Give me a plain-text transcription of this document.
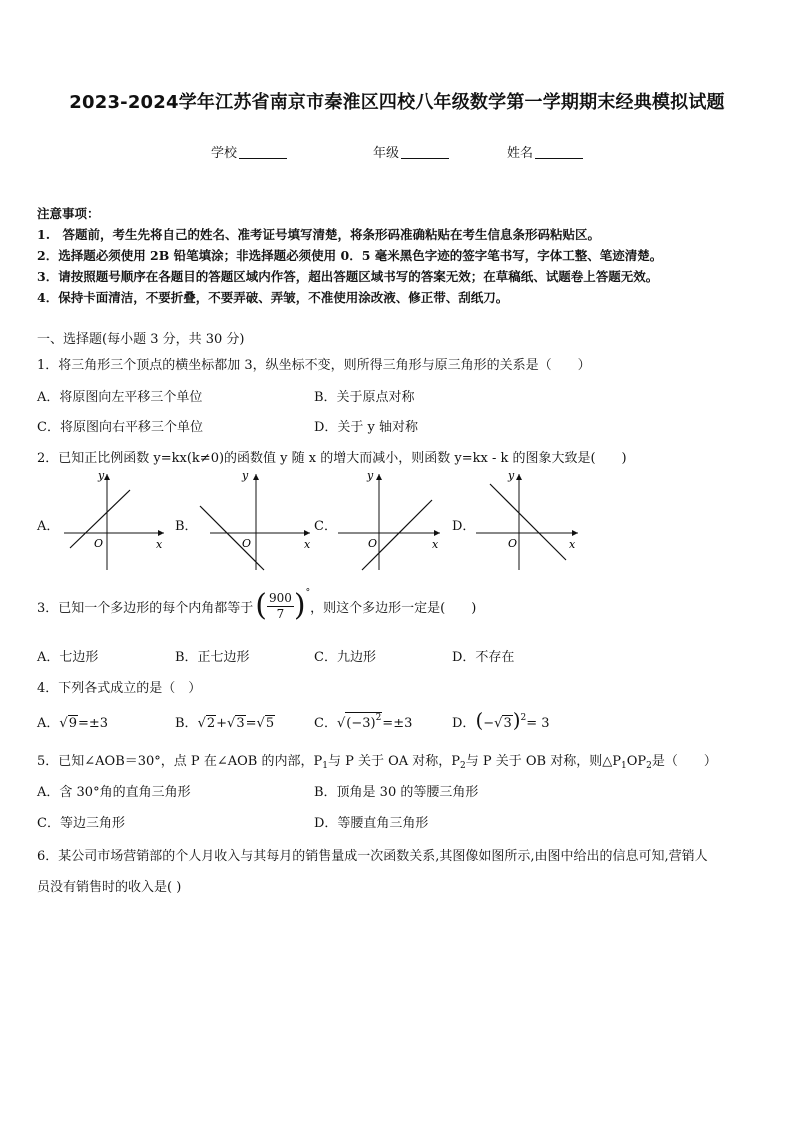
2023-2024学年江苏省南京市秦淮区四校八年级数学第一学期期末经典模拟试题
学校	年级	姓名
注意事项：
1.　答题前，考生先将自己的姓名、准考证号填写清楚，将条形码准确粘贴在考生信息条形码粘贴区。
2．选择题必须使用 2B 铅笔填涂；非选择题必须使用 0．5 毫米黑色字迹的签字笔书写，字体工整、笔迹清楚。
3．请按照题号顺序在各题目的答题区域内作答，超出答题区域书写的答案无效；在草稿纸、试题卷上答题无效。
4．保持卡面清洁，不要折叠，不要弄破、弄皱，不准使用涂改液、修正带、刮纸刀。
一、选择题(每小题 3 分，共 30 分)
1．将三角形三个顶点的横坐标都加 3，纵坐标不变，则所得三角形与原三角形的关系是（　　）
A．将原图向左平移三个单位	B．关于原点对称
C．将原图向右平移三个单位	D．关于 y 轴对称
2．已知正比例函数 y=kx(k≠0)的函数值 y 随 x 的增大而减小，则函数 y=kx - k 的图象大致是(　　)
A．
y
x
O
B．
y
x
O
C．
y
x
O
D．
y
x
O
3．已知一个多边形的每个内角都等于 ( $\frac{900}{7}$ ) °
，则这个多边形一定是(　　)
A．七边形	B．正七边形	C．九边形	D．不存在
4．下列各式成立的是（　）
A．√9=±3	B．√2+√3=√5	C．$√(-3)^2=\pm 3$	D．$(-√3)^2= 3$
5．已知∠AOB＝30°，点 P 在∠AOB 的内部，$P_1$与 P 关于 OA 对称，$P_2$与 P 关于 OB 对称，则$\triangle P_1OP_2$是（　　）
A．含 30°角的直角三角形	B．顶角是 30 的等腰三角形
C．等边三角形	D．等腰直角三角形
6．某公司市场营销部的个人月收入与其每月的销售量成一次函数关系,其图像如图所示,由图中给出的信息可知,营销人
员没有销售时的收入是( )
